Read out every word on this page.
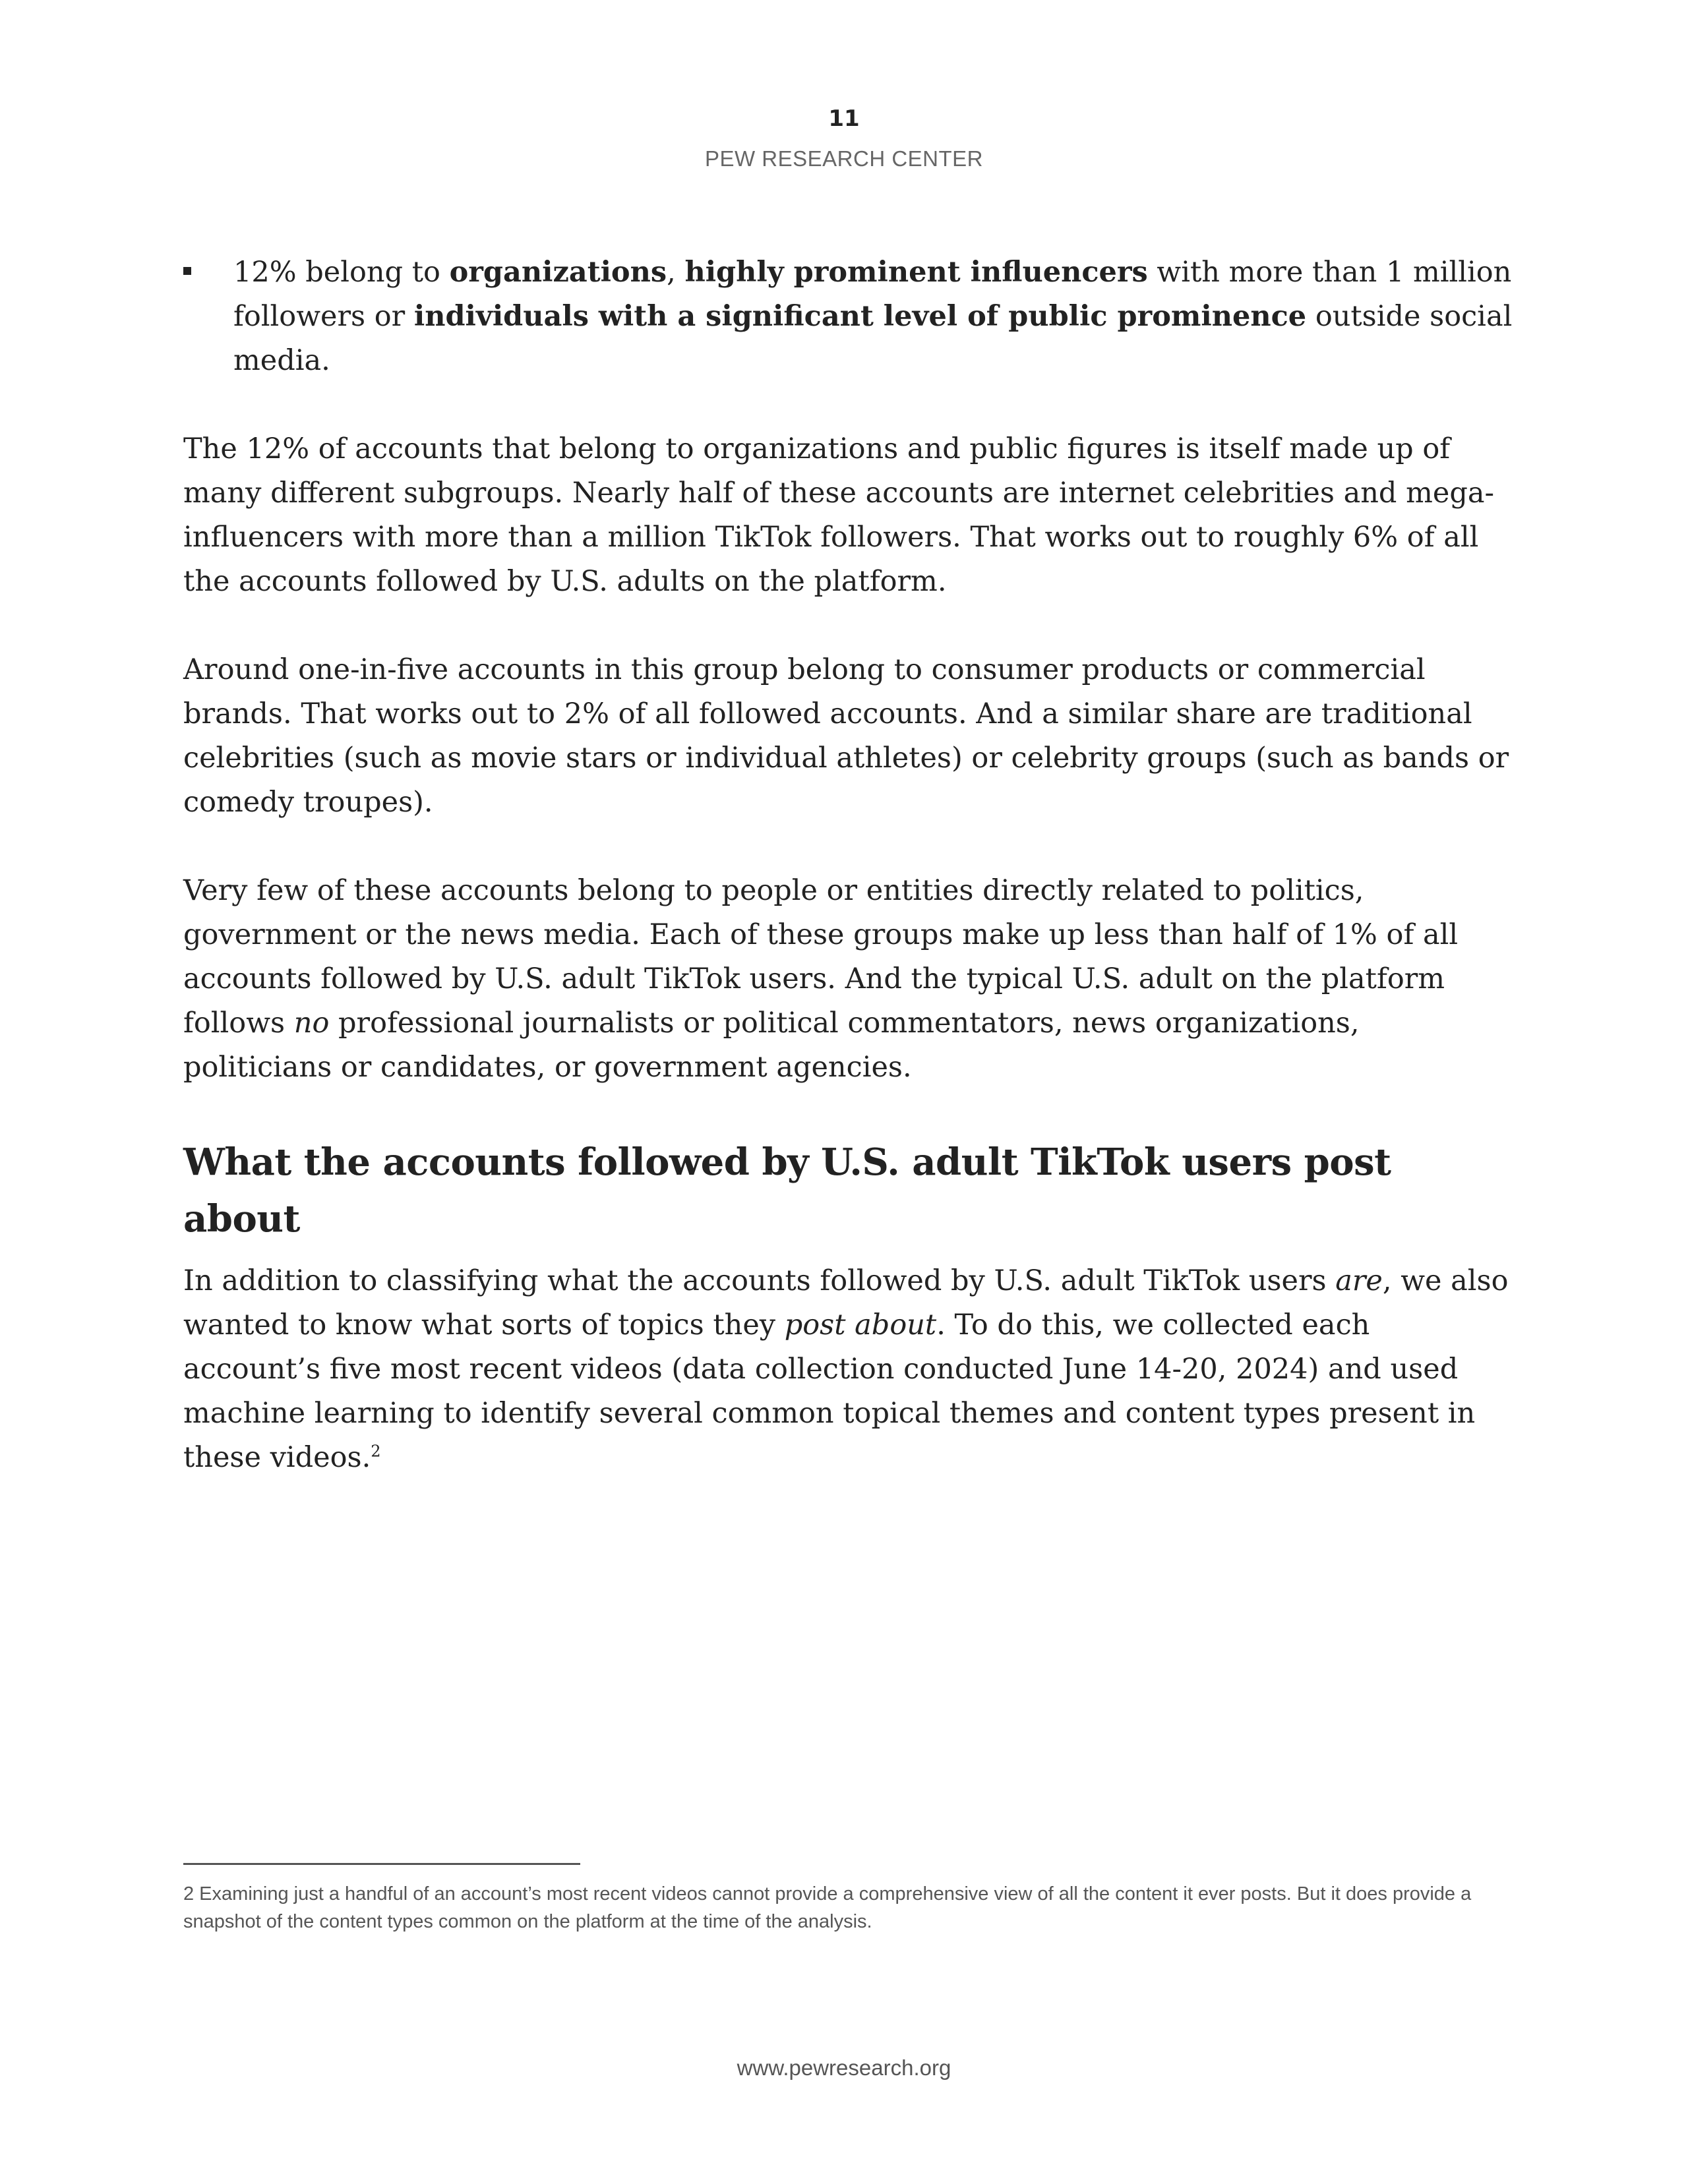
11
PEW RESEARCH CENTER
12% belong to organizations, highly prominent influencers with more than 1 million followers or individuals with a significant level of public prominence outside social media.

The 12% of accounts that belong to organizations and public figures is itself made up of many different subgroups. Nearly half of these accounts are internet celebrities and mega-influencers with more than a million TikTok followers. That works out to roughly 6% of all the accounts followed by U.S. adults on the platform.

Around one-in-five accounts in this group belong to consumer products or commercial brands. That works out to 2% of all followed accounts. And a similar share are traditional celebrities (such as movie stars or individual athletes) or celebrity groups (such as bands or comedy troupes).

Very few of these accounts belong to people or entities directly related to politics, government or the news media. Each of these groups make up less than half of 1% of all accounts followed by U.S. adult TikTok users. And the typical U.S. adult on the platform follows no professional journalists or political commentators, news organizations, politicians or candidates, or government agencies.

What the accounts followed by U.S. adult TikTok users post about

In addition to classifying what the accounts followed by U.S. adult TikTok users are, we also wanted to know what sorts of topics they post about. To do this, we collected each account’s five most recent videos (data collection conducted June 14-20, 2024) and used machine learning to identify several common topical themes and content types present in these videos.$^2$

2 Examining just a handful of an account’s most recent videos cannot provide a comprehensive view of all the content it ever posts. But it does provide a snapshot of the content types common on the platform at the time of the analysis.
www.pewresearch.org
